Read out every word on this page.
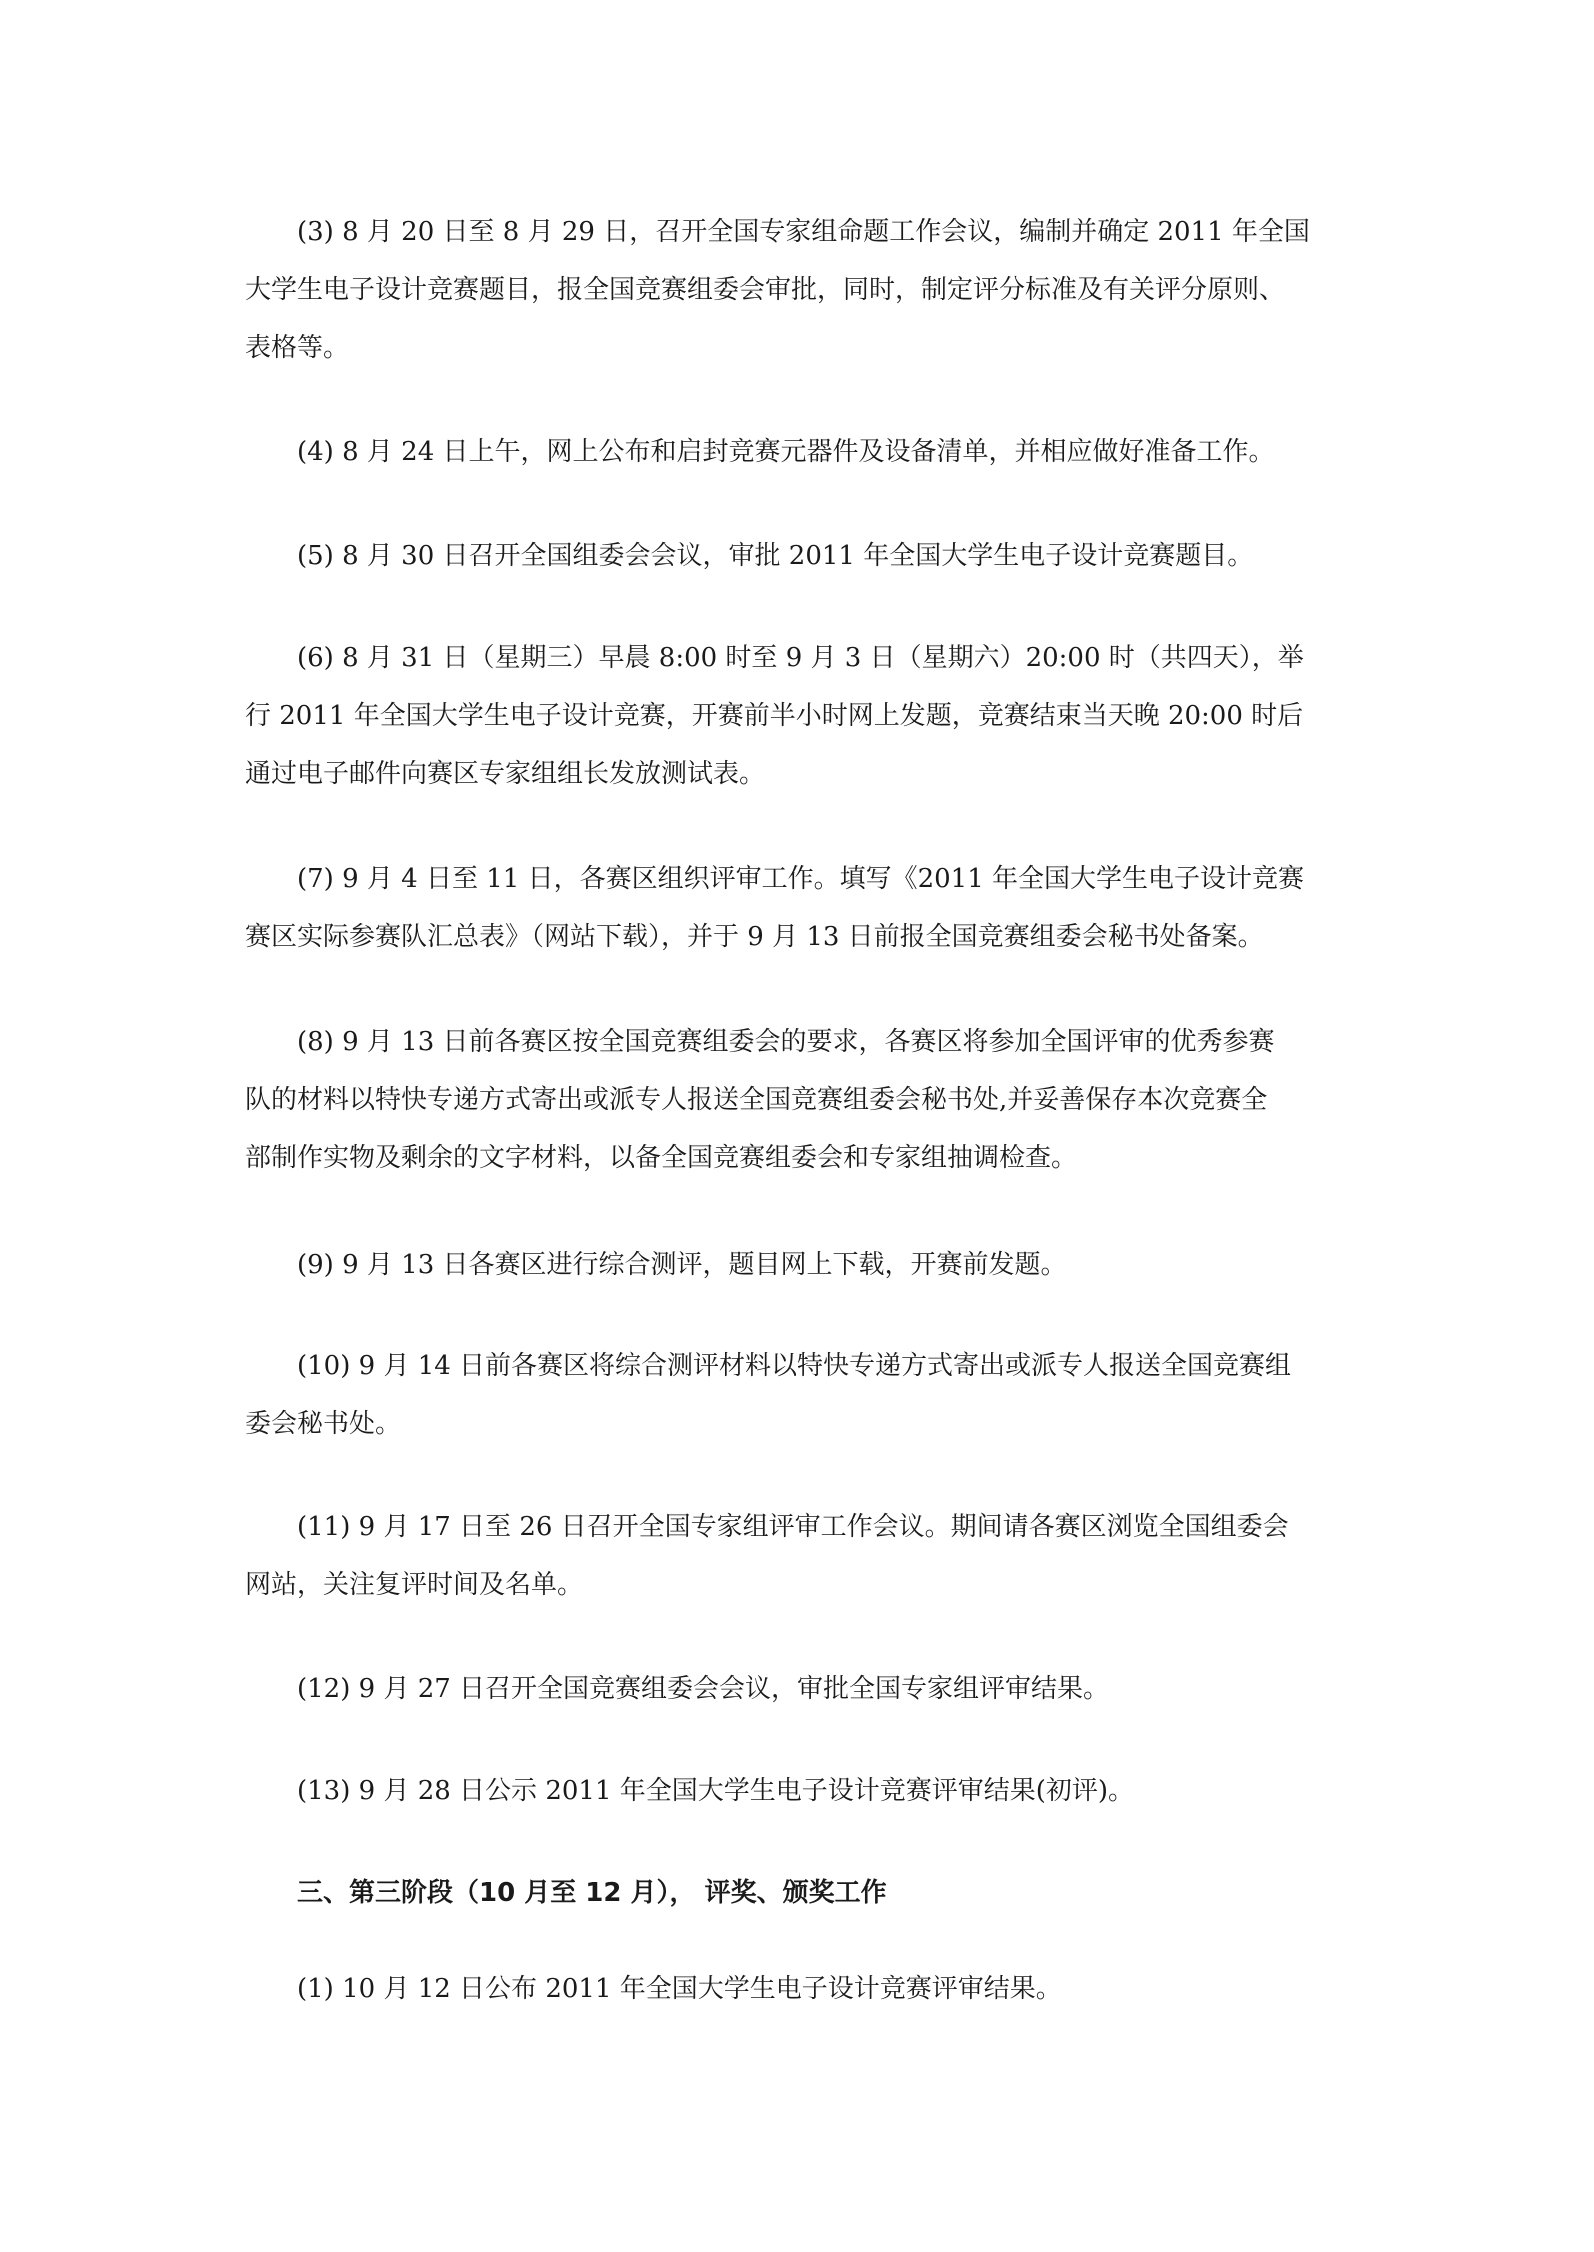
(3) 8 月 20 日至 8 月 29 日，召开全国专家组命题工作会议，编制并确定 2011 年全国
大学生电子设计竞赛题目，报全国竞赛组委会审批，同时，制定评分标准及有关评分原则、
表格等。

(4) 8 月 24 日上午，网上公布和启封竞赛元器件及设备清单，并相应做好准备工作。

(5) 8 月 30 日召开全国组委会会议，审批 2011 年全国大学生电子设计竞赛题目。

(6) 8 月 31 日（星期三）早晨 8:00 时至 9 月 3 日（星期六）20:00 时（共四天），举
行 2011 年全国大学生电子设计竞赛，开赛前半小时网上发题，竞赛结束当天晚 20:00 时后
通过电子邮件向赛区专家组组长发放测试表。

(7) 9 月 4 日至 11 日，各赛区组织评审工作。填写《2011 年全国大学生电子设计竞赛
赛区实际参赛队汇总表》（网站下载），并于 9 月 13 日前报全国竞赛组委会秘书处备案。

(8) 9 月 13 日前各赛区按全国竞赛组委会的要求，各赛区将参加全国评审的优秀参赛
队的材料以特快专递方式寄出或派专人报送全国竞赛组委会秘书处,并妥善保存本次竞赛全
部制作实物及剩余的文字材料，以备全国竞赛组委会和专家组抽调检查。

(9) 9 月 13 日各赛区进行综合测评，题目网上下载，开赛前发题。

(10) 9 月 14 日前各赛区将综合测评材料以特快专递方式寄出或派专人报送全国竞赛组
委会秘书处。

(11) 9 月 17 日至 26 日召开全国专家组评审工作会议。期间请各赛区浏览全国组委会
网站，关注复评时间及名单。

(12) 9 月 27 日召开全国竞赛组委会会议，审批全国专家组评审结果。

(13) 9 月 28 日公示 2011 年全国大学生电子设计竞赛评审结果(初评)。

三、第三阶段（10 月至 12 月）， 评奖、颁奖工作

(1) 10 月 12 日公布 2011 年全国大学生电子设计竞赛评审结果。
